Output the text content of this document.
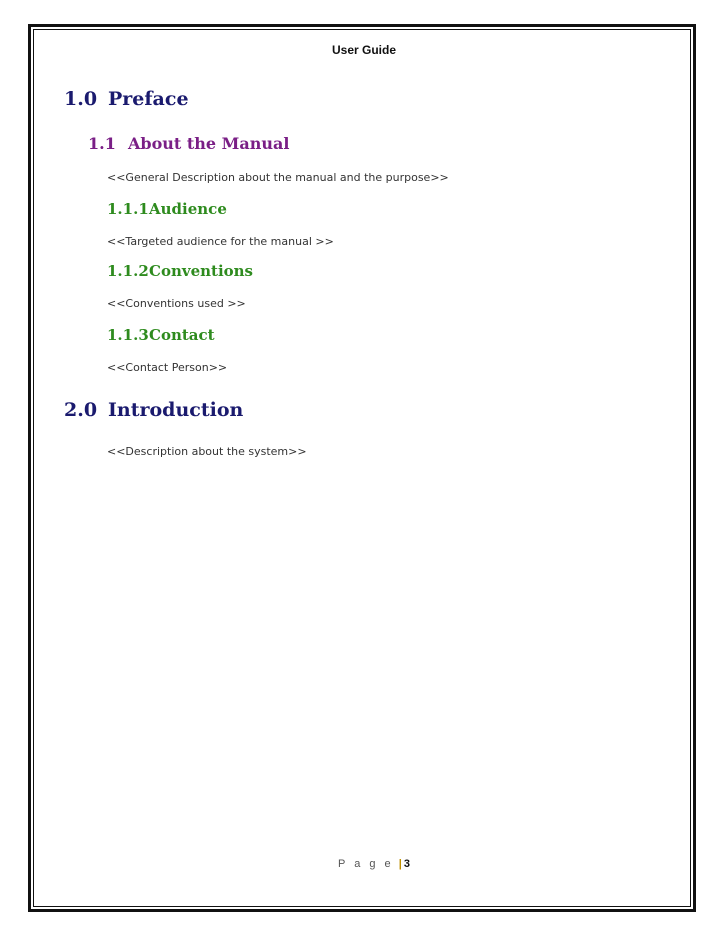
User Guide
1.0 Preface
1.1 About the Manual
<<General Description about the manual and the purpose>>
1.1.1Audience
<<Targeted audience for the manual >>
1.1.2Conventions
<<Conventions used >>
1.1.3Contact
<<Contact Person>>
2.0 Introduction
<<Description about the system>>
P a g e | 3
